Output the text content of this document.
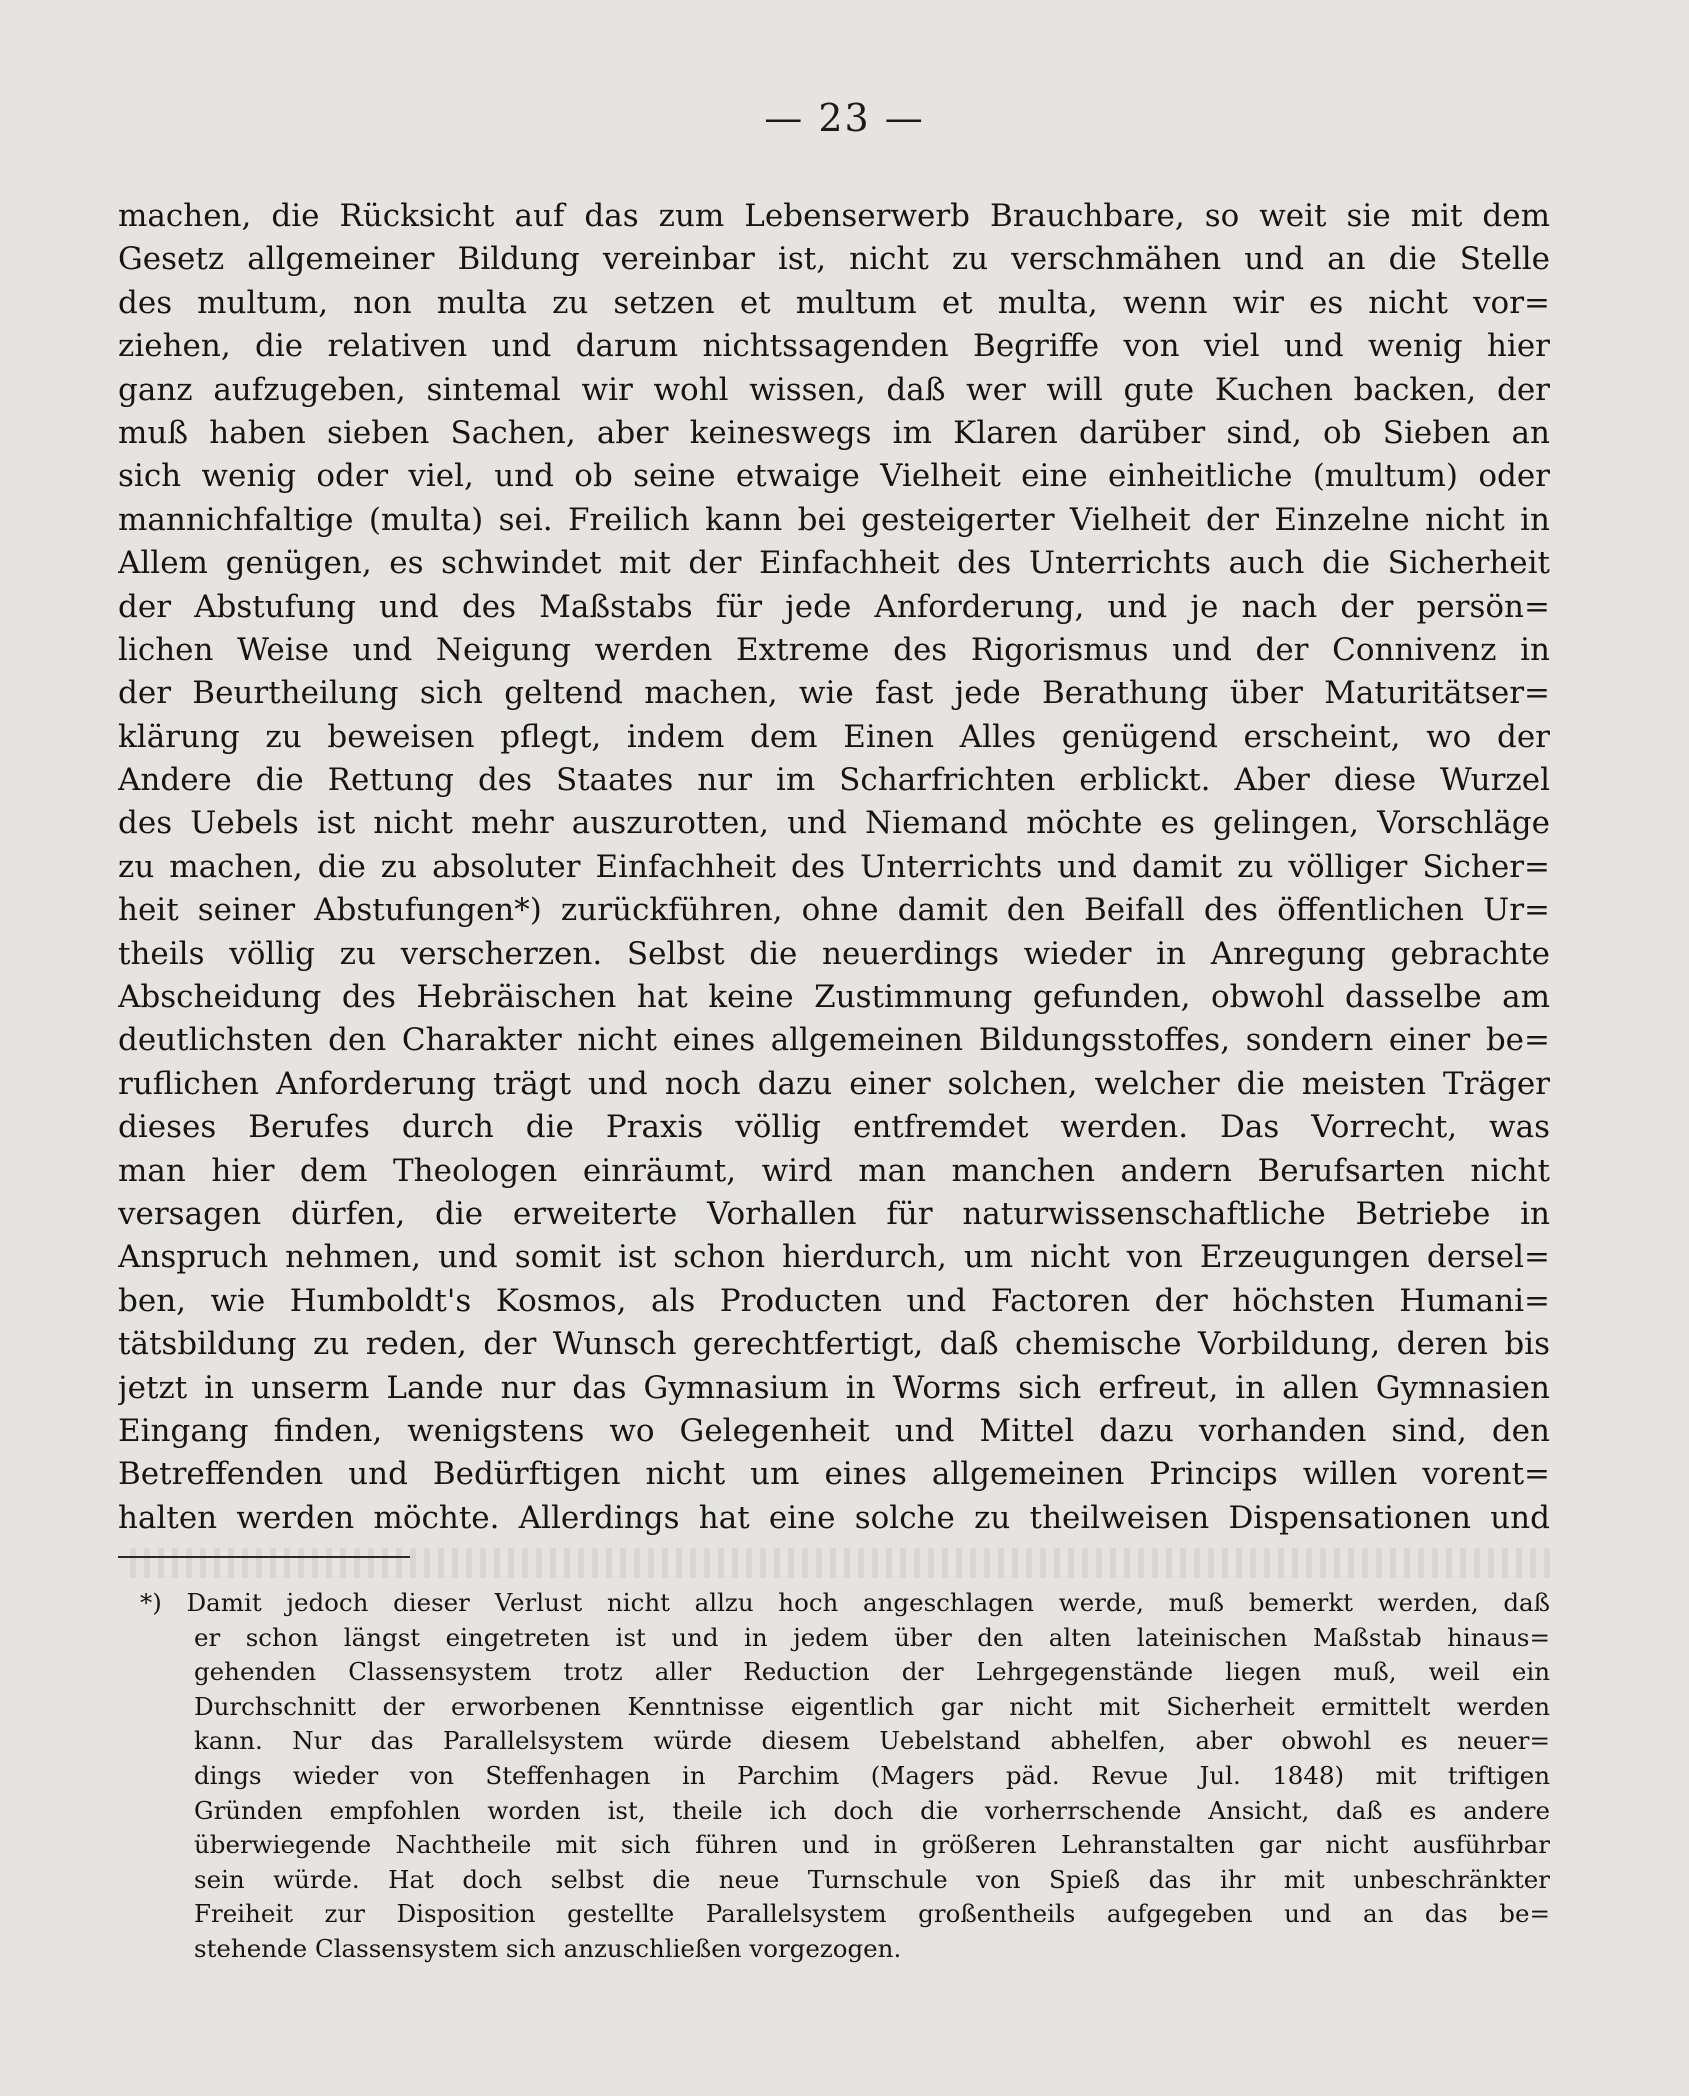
— 23 —
machen, die Rücksicht auf das zum Lebenserwerb Brauchbare, so weit sie mit dem
Gesetz allgemeiner Bildung vereinbar ist, nicht zu verschmähen und an die Stelle
des multum, non multa zu setzen et multum et multa, wenn wir es nicht vor=
ziehen, die relativen und darum nichtssagenden Begriffe von viel und wenig hier
ganz aufzugeben, sintemal wir wohl wissen, daß wer will gute Kuchen backen, der
muß haben sieben Sachen, aber keineswegs im Klaren darüber sind, ob Sieben an
sich wenig oder viel, und ob seine etwaige Vielheit eine einheitliche (multum) oder
mannichfaltige (multa) sei. Freilich kann bei gesteigerter Vielheit der Einzelne nicht in
Allem genügen, es schwindet mit der Einfachheit des Unterrichts auch die Sicherheit
der Abstufung und des Maßstabs für jede Anforderung, und je nach der persön=
lichen Weise und Neigung werden Extreme des Rigorismus und der Connivenz in
der Beurtheilung sich geltend machen, wie fast jede Berathung über Maturitätser=
klärung zu beweisen pflegt, indem dem Einen Alles genügend erscheint, wo der
Andere die Rettung des Staates nur im Scharfrichten erblickt. Aber diese Wurzel
des Uebels ist nicht mehr auszurotten, und Niemand möchte es gelingen, Vorschläge
zu machen, die zu absoluter Einfachheit des Unterrichts und damit zu völliger Sicher=
heit seiner Abstufungen*) zurückführen, ohne damit den Beifall des öffentlichen Ur=
theils völlig zu verscherzen. Selbst die neuerdings wieder in Anregung gebrachte
Abscheidung des Hebräischen hat keine Zustimmung gefunden, obwohl dasselbe am
deutlichsten den Charakter nicht eines allgemeinen Bildungsstoffes, sondern einer be=
ruflichen Anforderung trägt und noch dazu einer solchen, welcher die meisten Träger
dieses Berufes durch die Praxis völlig entfremdet werden. Das Vorrecht, was
man hier dem Theologen einräumt, wird man manchen andern Berufsarten nicht
versagen dürfen, die erweiterte Vorhallen für naturwissenschaftliche Betriebe in
Anspruch nehmen, und somit ist schon hierdurch, um nicht von Erzeugungen dersel=
ben, wie Humboldt's Kosmos, als Producten und Factoren der höchsten Humani=
tätsbildung zu reden, der Wunsch gerechtfertigt, daß chemische Vorbildung, deren bis
jetzt in unserm Lande nur das Gymnasium in Worms sich erfreut, in allen Gymnasien
Eingang finden, wenigstens wo Gelegenheit und Mittel dazu vorhanden sind, den
Betreffenden und Bedürftigen nicht um eines allgemeinen Princips willen vorent=
halten werden möchte. Allerdings hat eine solche zu theilweisen Dispensationen und
*) Damit jedoch dieser Verlust nicht allzu hoch angeschlagen werde, muß bemerkt werden, daß
er schon längst eingetreten ist und in jedem über den alten lateinischen Maßstab hinaus=
gehenden Classensystem trotz aller Reduction der Lehrgegenstände liegen muß, weil ein
Durchschnitt der erworbenen Kenntnisse eigentlich gar nicht mit Sicherheit ermittelt werden
kann. Nur das Parallelsystem würde diesem Uebelstand abhelfen, aber obwohl es neuer=
dings wieder von Steffenhagen in Parchim (Magers päd. Revue Jul. 1848) mit triftigen
Gründen empfohlen worden ist, theile ich doch die vorherrschende Ansicht, daß es andere
überwiegende Nachtheile mit sich führen und in größeren Lehranstalten gar nicht ausführbar
sein würde. Hat doch selbst die neue Turnschule von Spieß das ihr mit unbeschränkter
Freiheit zur Disposition gestellte Parallelsystem großentheils aufgegeben und an das be=
stehende Classensystem sich anzuschließen vorgezogen.
